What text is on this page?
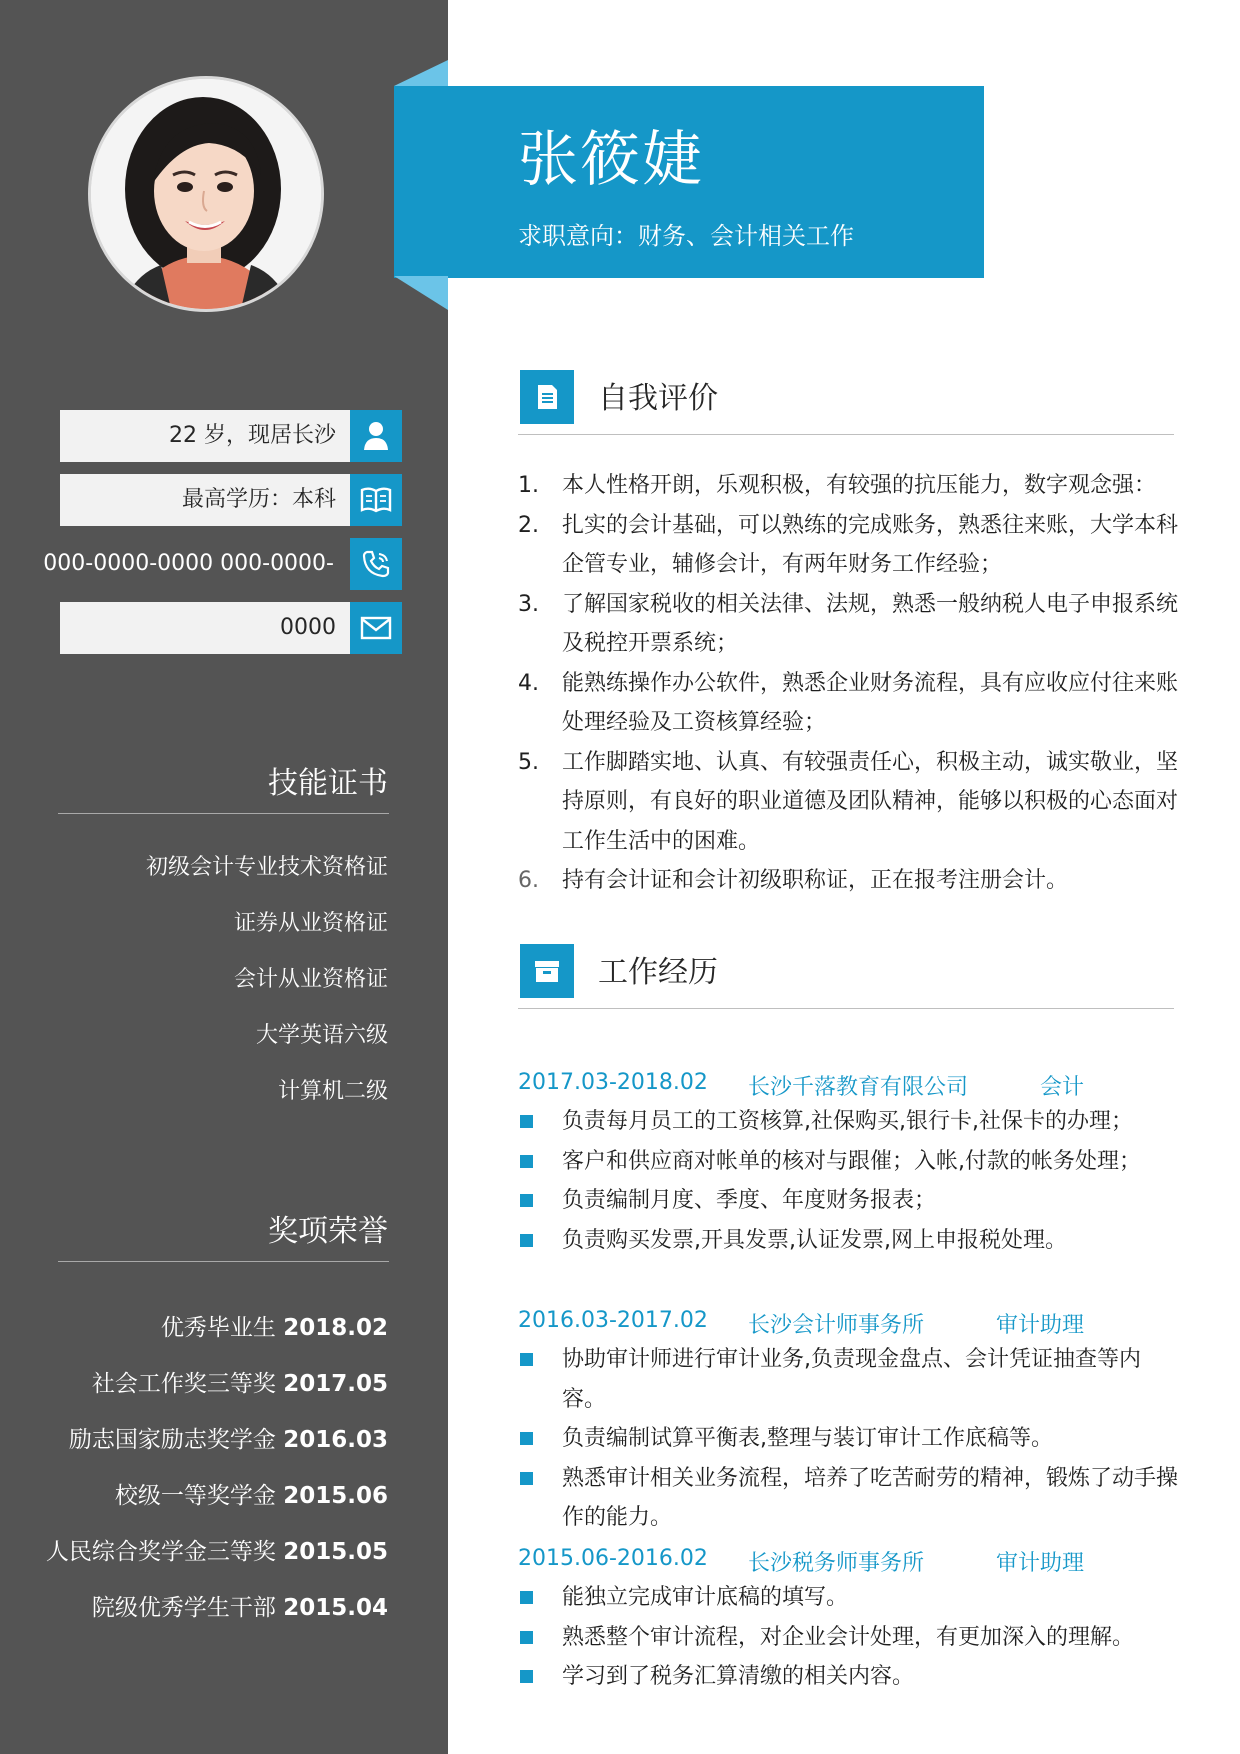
22 岁，现居长沙
最高学历：本科
000-0000-0000 000-0000-
0000
技能证书
初级会计专业技术资格证
证券从业资格证
会计从业资格证
大学英语六级
计算机二级
奖项荣誉
优秀毕业生 2018.02
社会工作奖三等奖 2017.05
励志国家励志奖学金 2016.03
校级一等奖学金 2015.06
人民综合奖学金三等奖 2015.05
院级优秀学生干部 2015.04
张筱婕
求职意向：财务、会计相关工作
自我评价
1. 本人性格开朗，乐观积极，有较强的抗压能力，数字观念强：
2. 扎实的会计基础，可以熟练的完成账务，熟悉往来账，大学本科企管专业，辅修会计，有两年财务工作经验；
3. 了解国家税收的相关法律、法规，熟悉一般纳税人电子申报系统及税控开票系统；
4. 能熟练操作办公软件，熟悉企业财务流程，具有应收应付往来账处理经验及工资核算经验；
5. 工作脚踏实地、认真、有较强责任心，积极主动，诚实敬业，坚持原则，有良好的职业道德及团队精神，能够以积极的心态面对工作生活中的困难。
6. 持有会计证和会计初级职称证，正在报考注册会计。
工作经历
2017.03-2018.02 长沙千落教育有限公司	会计
负责每月员工的工资核算,社保购买,银行卡,社保卡的办理；
客户和供应商对帐单的核对与跟催；入帐,付款的帐务处理；
负责编制月度、季度、年度财务报表；
负责购买发票,开具发票,认证发票,网上申报税处理。
2016.03-2017.02 长沙会计师事务所	审计助理
协助审计师进行审计业务,负责现金盘点、会计凭证抽查等内容。
负责编制试算平衡表,整理与装订审计工作底稿等。
熟悉审计相关业务流程，培养了吃苦耐劳的精神，锻炼了动手操作的能力。
2015.06-2016.02 长沙税务师事务所	审计助理
能独立完成审计底稿的填写。
熟悉整个审计流程，对企业会计处理，有更加深入的理解。
学习到了税务汇算清缴的相关内容。
